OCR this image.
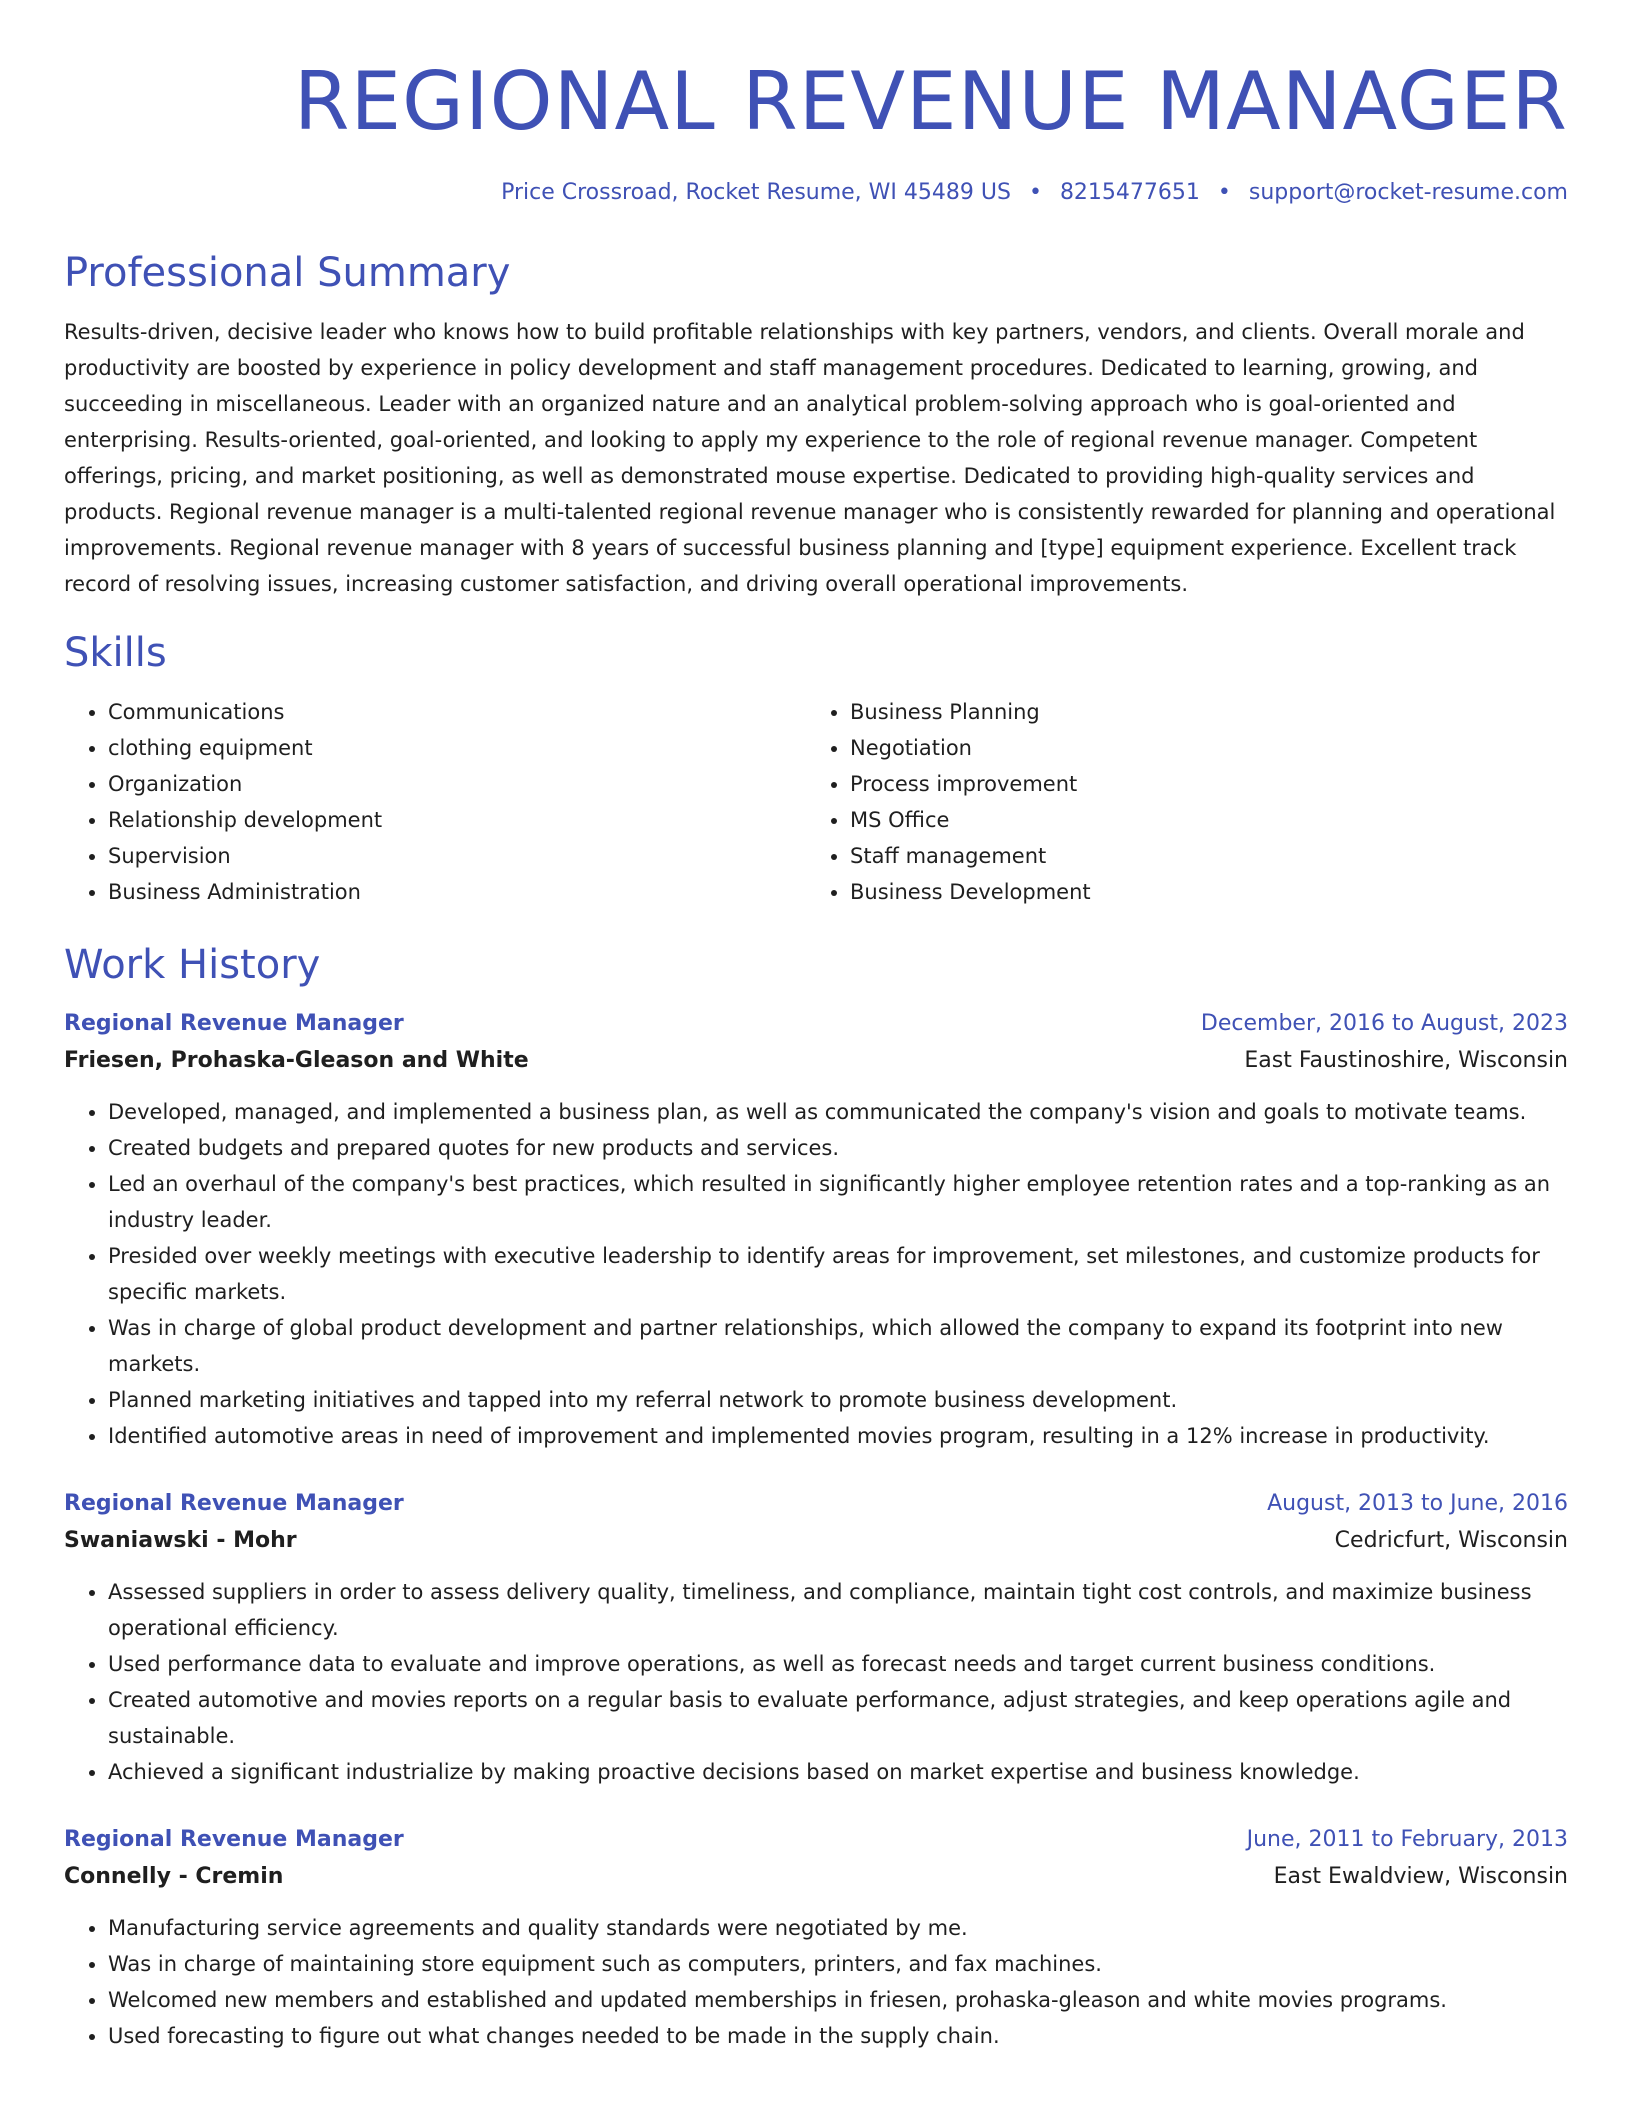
REGIONAL REVENUE MANAGER
Price Crossroad, Rocket Resume, WI 45489 US • 8215477651 • support@rocket-resume.com
Professional Summary
Results-driven, decisive leader who knows how to build profitable relationships with key partners, vendors, and clients. Overall morale and productivity are boosted by experience in policy development and staff management procedures. Dedicated to learning, growing, and succeeding in miscellaneous. Leader with an organized nature and an analytical problem-solving approach who is goal-oriented and enterprising. Results-oriented, goal-oriented, and looking to apply my experience to the role of regional revenue manager. Competent offerings, pricing, and market positioning, as well as demonstrated mouse expertise. Dedicated to providing high-quality services and products. Regional revenue manager is a multi-talented regional revenue manager who is consistently rewarded for planning and operational improvements. Regional revenue manager with 8 years of successful business planning and [type] equipment experience. Excellent track record of resolving issues, increasing customer satisfaction, and driving overall operational improvements.
Skills
• Communications
• clothing equipment
• Organization
• Relationship development
• Supervision
• Business Administration
• Business Planning
• Negotiation
• Process improvement
• MS Office
• Staff management
• Business Development
Work History
Regional Revenue Manager	December, 2016 to August, 2023
Friesen, Prohaska-Gleason and White	East Faustinoshire, Wisconsin
• Developed, managed, and implemented a business plan, as well as communicated the company's vision and goals to motivate teams.
• Created budgets and prepared quotes for new products and services.
• Led an overhaul of the company's best practices, which resulted in significantly higher employee retention rates and a top-ranking as an industry leader.
• Presided over weekly meetings with executive leadership to identify areas for improvement, set milestones, and customize products for specific markets.
• Was in charge of global product development and partner relationships, which allowed the company to expand its footprint into new markets.
• Planned marketing initiatives and tapped into my referral network to promote business development.
• Identified automotive areas in need of improvement and implemented movies program, resulting in a 12% increase in productivity.
Regional Revenue Manager	August, 2013 to June, 2016
Swaniawski - Mohr	Cedricfurt, Wisconsin
• Assessed suppliers in order to assess delivery quality, timeliness, and compliance, maintain tight cost controls, and maximize business operational efficiency.
• Used performance data to evaluate and improve operations, as well as forecast needs and target current business conditions.
• Created automotive and movies reports on a regular basis to evaluate performance, adjust strategies, and keep operations agile and sustainable.
• Achieved a significant industrialize by making proactive decisions based on market expertise and business knowledge.
Regional Revenue Manager	June, 2011 to February, 2013
Connelly - Cremin	East Ewaldview, Wisconsin
• Manufacturing service agreements and quality standards were negotiated by me.
• Was in charge of maintaining store equipment such as computers, printers, and fax machines.
• Welcomed new members and established and updated memberships in friesen, prohaska-gleason and white movies programs.
• Used forecasting to figure out what changes needed to be made in the supply chain.
